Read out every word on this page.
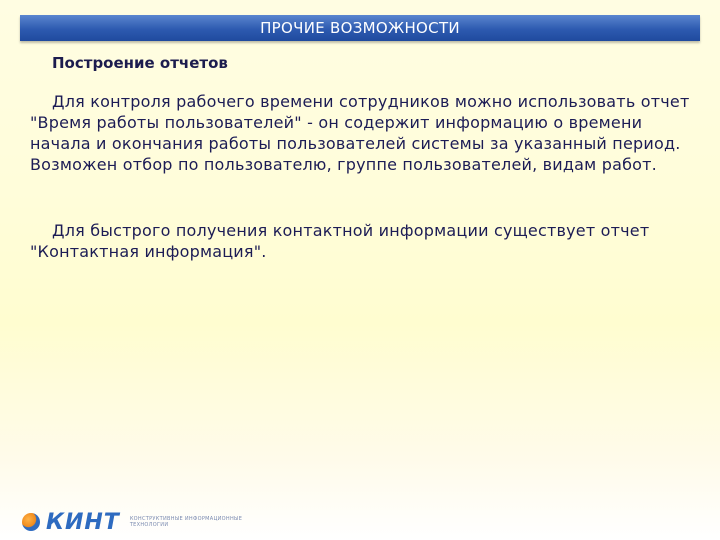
ПРОЧИЕ ВОЗМОЖНОСТИ
Построение отчетов
Для контроля рабочего времени сотрудников можно использовать отчет "Время работы пользователей" - он содержит информацию о времени начала и окончания работы пользователей системы за указанный период. Возможен отбор по пользователю, группе пользователей, видам работ.
Для быстрого получения контактной информации существует отчет "Контактная информация".
КИНТ КОНСТРУКТИВНЫЕ ИНФОРМАЦИОННЫЕ ТЕХНОЛОГИИ
